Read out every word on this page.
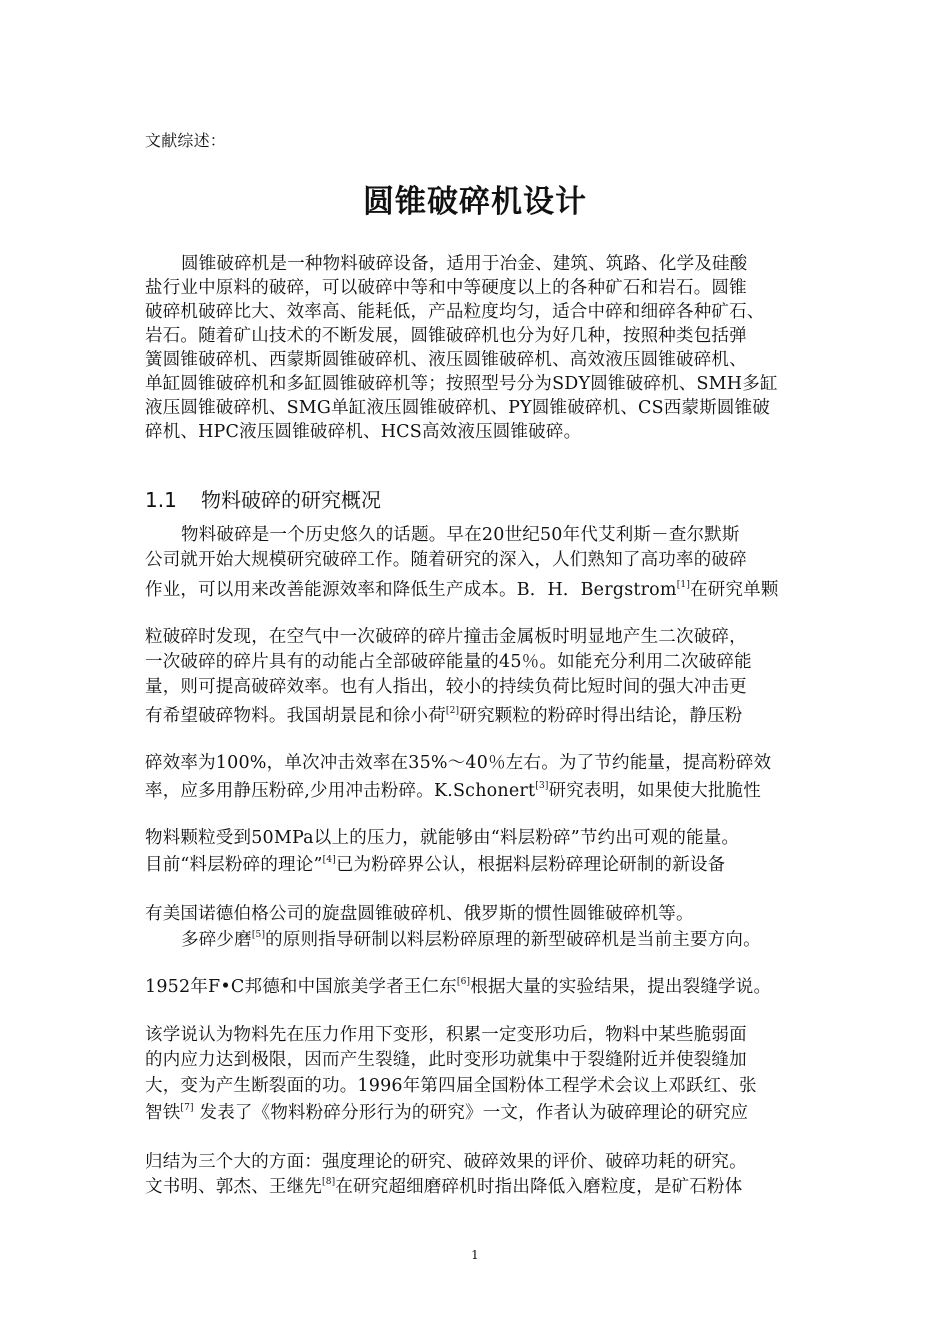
文献综述：
圆锥破碎机设计
圆锥破碎机是一种物料破碎设备，适用于冶金、建筑、筑路、化学及硅酸
盐行业中原料的破碎，可以破碎中等和中等硬度以上的各种矿石和岩石。圆锥
破碎机破碎比大、效率高、能耗低，产品粒度均匀，适合中碎和细碎各种矿石、
岩石。随着矿山技术的不断发展，圆锥破碎机也分为好几种，按照种类包括弹
簧圆锥破碎机、西蒙斯圆锥破碎机、液压圆锥破碎机、高效液压圆锥破碎机、
单缸圆锥破碎机和多缸圆锥破碎机等；按照型号分为SDY圆锥破碎机、SMH多缸
液压圆锥破碎机、SMG单缸液压圆锥破碎机、PY圆锥破碎机、CS西蒙斯圆锥破
碎机、HPC液压圆锥破碎机、HCS高效液压圆锥破碎。
1.1 物料破碎的研究概况
物料破碎是一个历史悠久的话题。早在20世纪50年代艾利斯－查尔默斯
公司就开始大规模研究破碎工作。随着研究的深入，人们熟知了高功率的破碎
作业，可以用来改善能源效率和降低生产成本。B．H．Bergstrom[1]在研究单颗
粒破碎时发现，在空气中一次破碎的碎片撞击金属板时明显地产生二次破碎，
一次破碎的碎片具有的动能占全部破碎能量的45％。如能充分利用二次破碎能
量，则可提高破碎效率。也有人指出，较小的持续负荷比短时间的强大冲击更
有希望破碎物料。我国胡景昆和徐小荷[2]研究颗粒的粉碎时得出结论，静压粉
碎效率为100%，单次冲击效率在35%～40％左右。为了节约能量，提高粉碎效
率，应多用静压粉碎,少用冲击粉碎。K.Schonert[3]研究表明，如果使大批脆性
物料颗粒受到50MPa以上的压力，就能够由“料层粉碎”节约出可观的能量。
目前“料层粉碎的理论”[4]已为粉碎界公认，根据料层粉碎理论研制的新设备
有美国诺德伯格公司的旋盘圆锥破碎机、俄罗斯的惯性圆锥破碎机等。
多碎少磨[5]的原则指导研制以料层粉碎原理的新型破碎机是当前主要方向。
1952年F•C邦德和中国旅美学者王仁东[6]根据大量的实验结果，提出裂缝学说。
该学说认为物料先在压力作用下变形，积累一定变形功后，物料中某些脆弱面
的内应力达到极限，因而产生裂缝，此时变形功就集中于裂缝附近并使裂缝加
大，变为产生断裂面的功。1996年第四届全国粉体工程学术会议上邓跃红、张
智铁[7] 发表了《物料粉碎分形行为的研究》一文，作者认为破碎理论的研究应
归结为三个大的方面：强度理论的研究、破碎效果的评价、破碎功耗的研究。
文书明、郭杰、王继先[8]在研究超细磨碎机时指出降低入磨粒度，是矿石粉体
1
